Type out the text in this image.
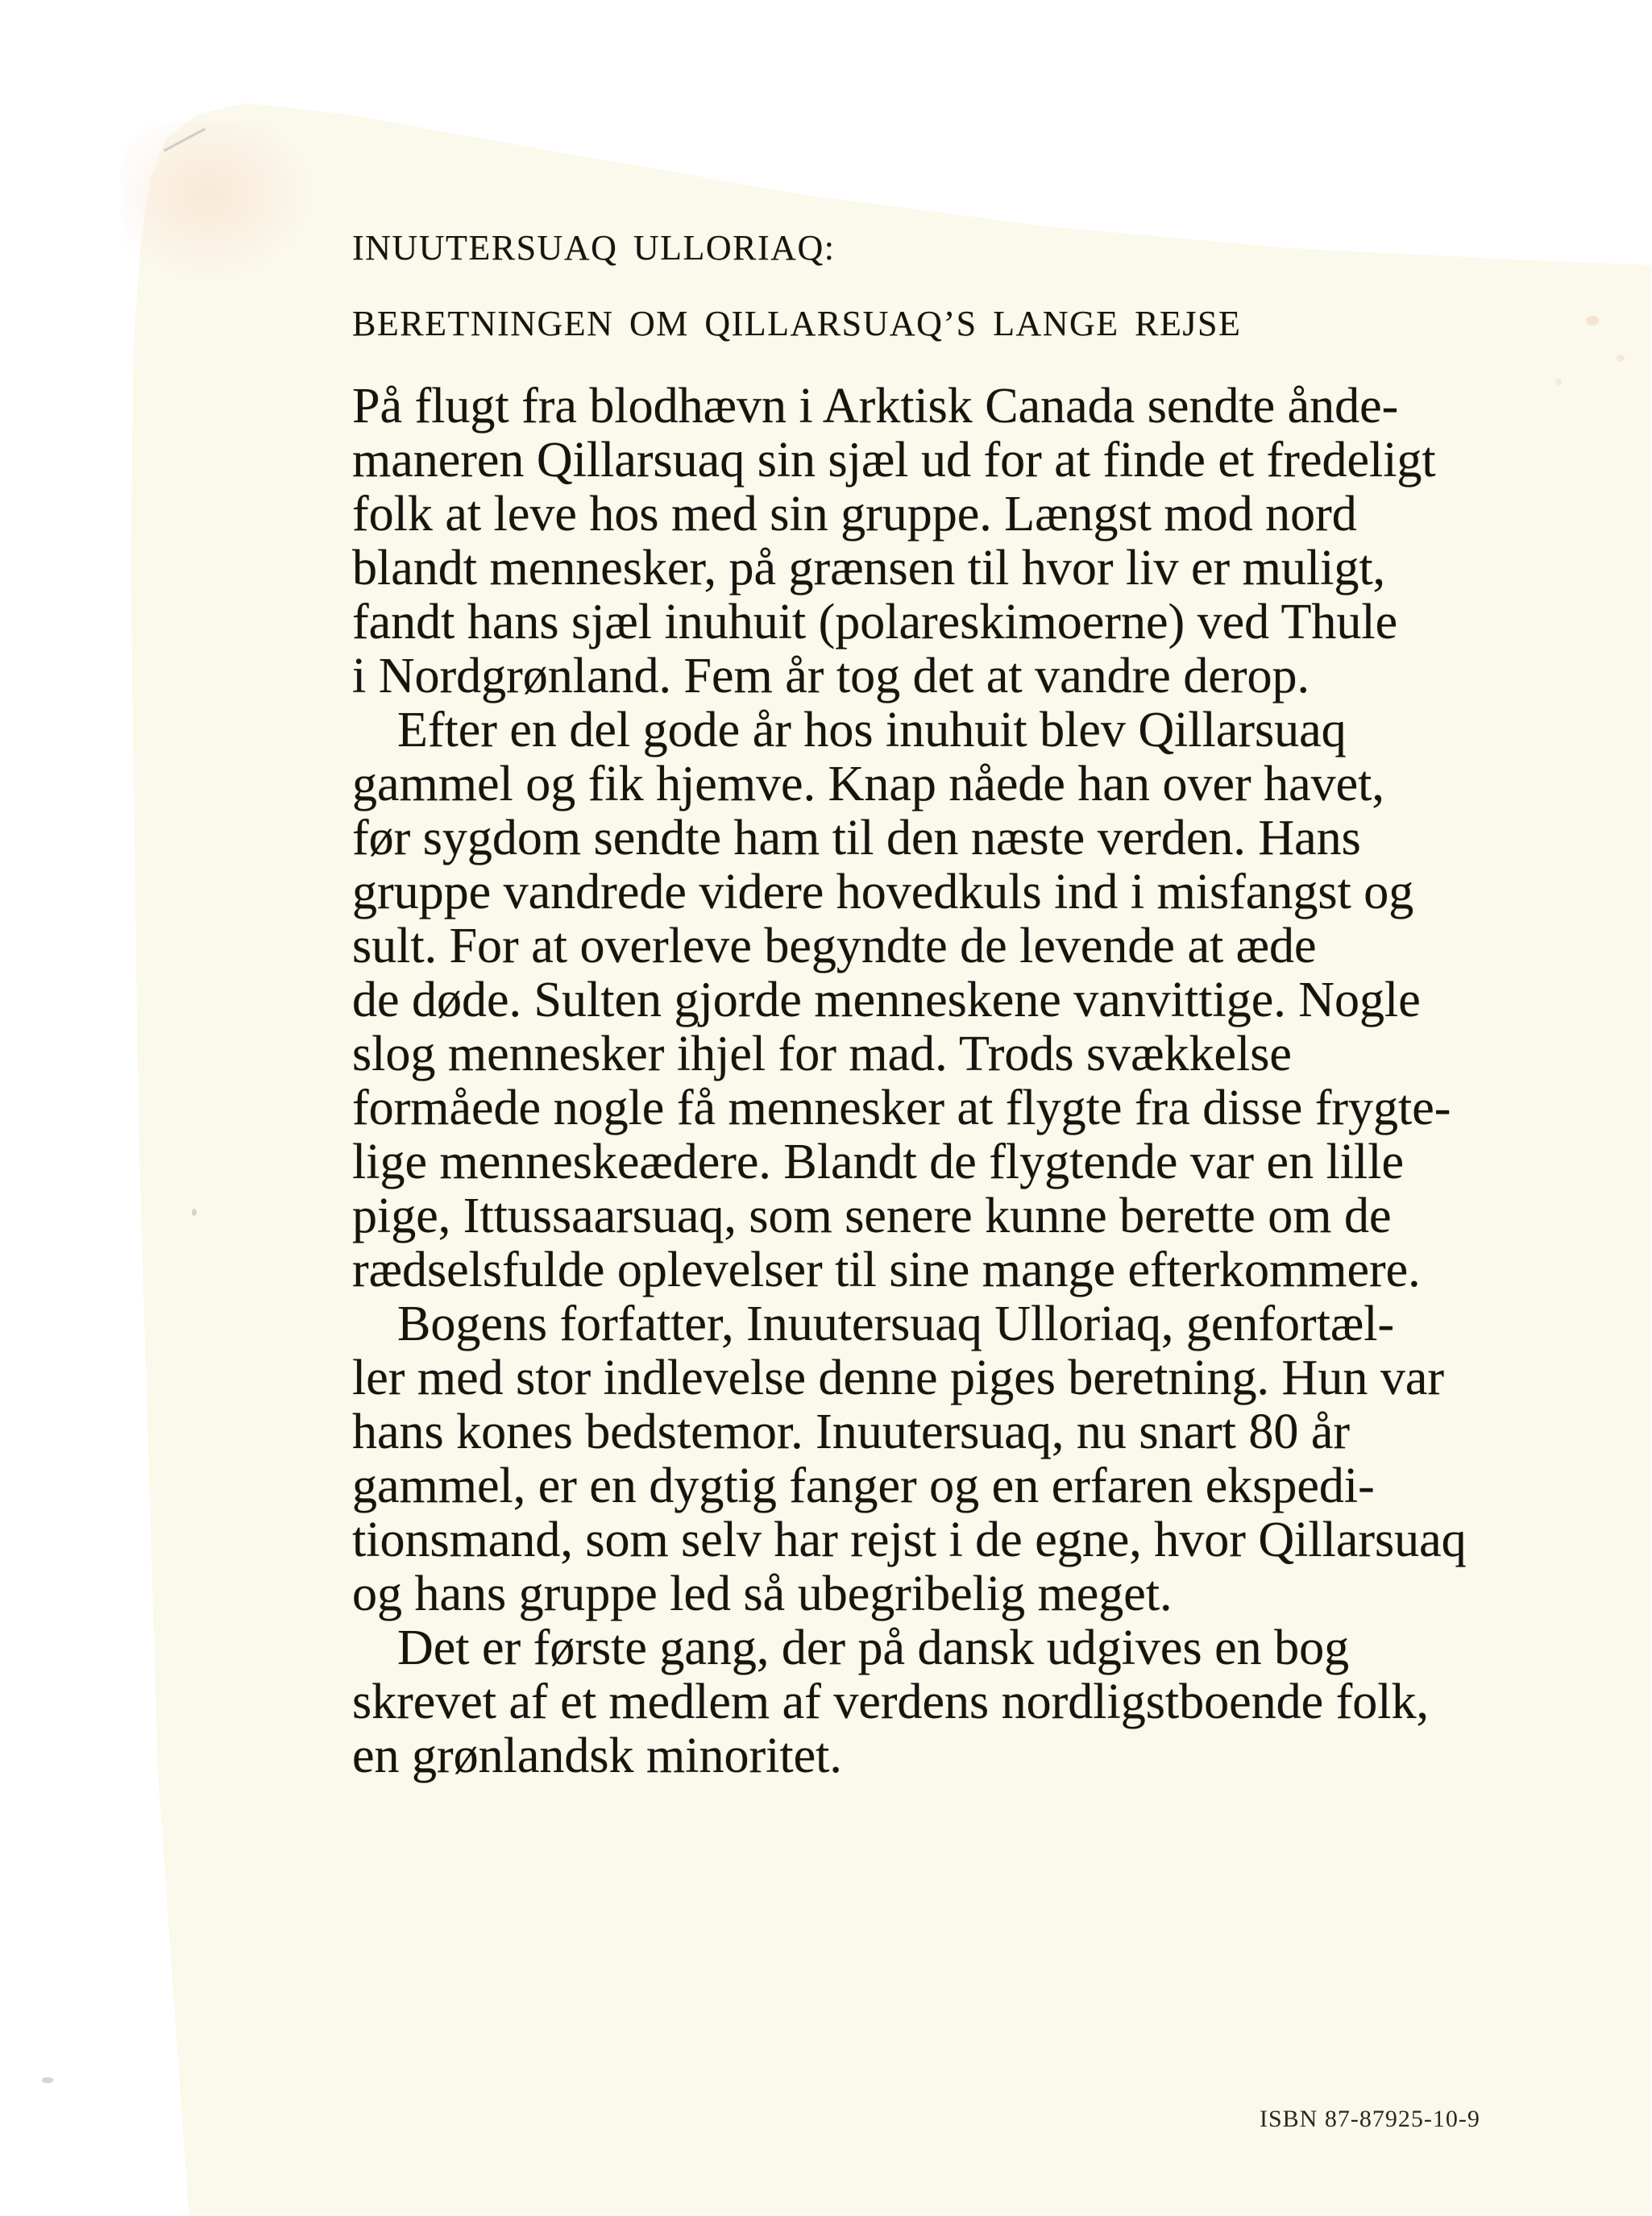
INUUTERSUAQ ULLORIAQ:
BERETNINGEN OM QILLARSUAQ’S LANGE REJSE
På flugt fra blodhævn i Arktisk Canada sendte ånde-
maneren Qillarsuaq sin sjæl ud for at finde et fredeligt
folk at leve hos med sin gruppe. Længst mod nord
blandt mennesker, på grænsen til hvor liv er muligt,
fandt hans sjæl inuhuit (polareskimoerne) ved Thule
i Nordgrønland. Fem år tog det at vandre derop.
Efter en del gode år hos inuhuit blev Qillarsuaq
gammel og fik hjemve. Knap nåede han over havet,
før sygdom sendte ham til den næste verden. Hans
gruppe vandrede videre hovedkuls ind i misfangst og
sult. For at overleve begyndte de levende at æde
de døde. Sulten gjorde menneskene vanvittige. Nogle
slog mennesker ihjel for mad. Trods svækkelse
formåede nogle få mennesker at flygte fra disse frygte-
lige menneskeædere. Blandt de flygtende var en lille
pige, Ittussaarsuaq, som senere kunne berette om de
rædselsfulde oplevelser til sine mange efterkommere.
Bogens forfatter, Inuutersuaq Ulloriaq, genfortæl-
ler med stor indlevelse denne piges beretning. Hun var
hans kones bedstemor. Inuutersuaq, nu snart 80 år
gammel, er en dygtig fanger og en erfaren ekspedi-
tionsmand, som selv har rejst i de egne, hvor Qillarsuaq
og hans gruppe led så ubegribelig meget.
Det er første gang, der på dansk udgives en bog
skrevet af et medlem af verdens nordligstboende folk,
en grønlandsk minoritet.
ISBN 87-87925-10-9
